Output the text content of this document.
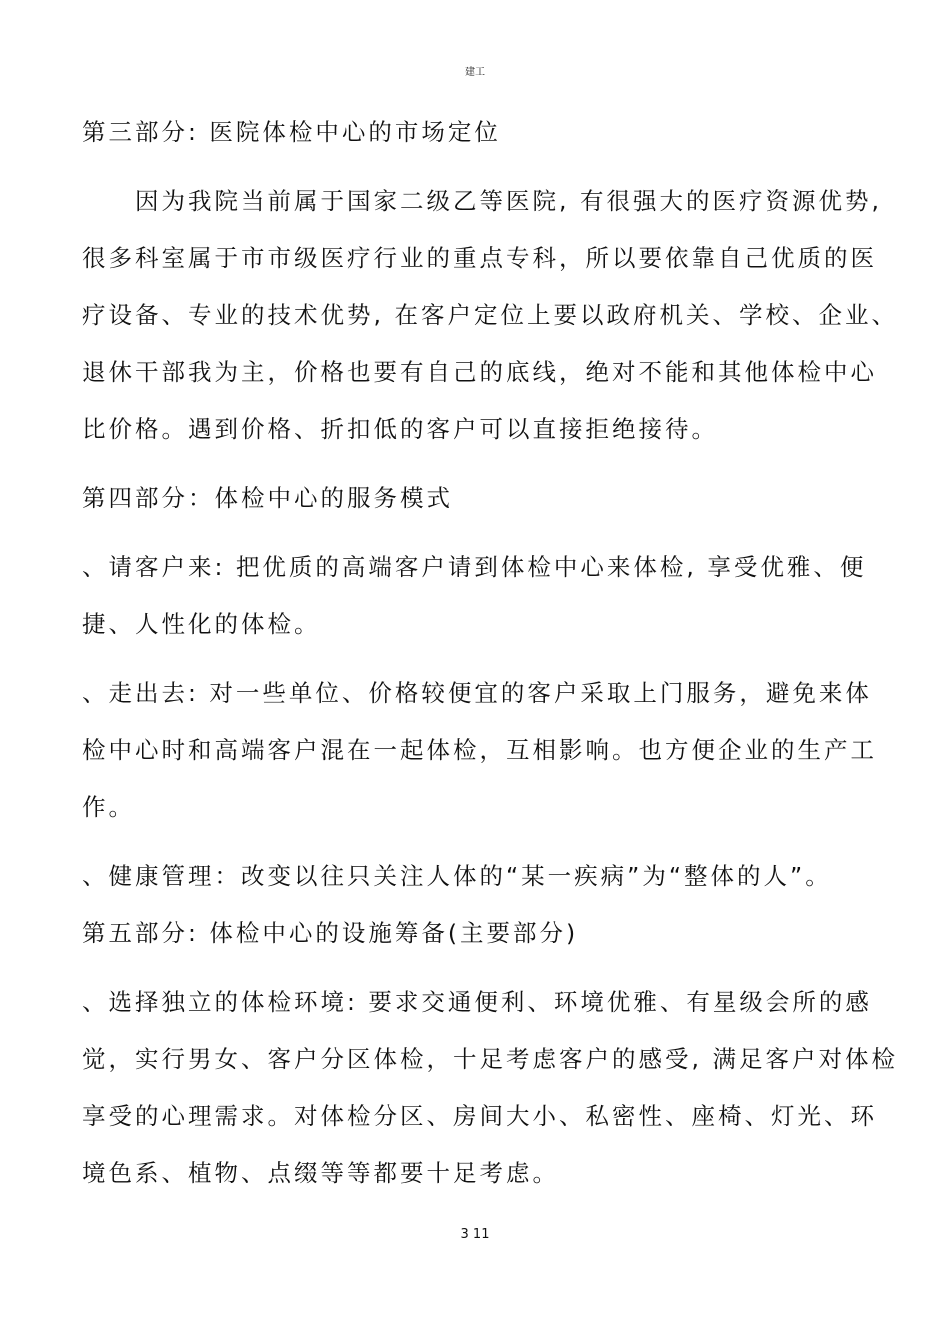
建工
第三部分: 医院体检中心的市场定位
　　因为我院当前属于国家二级乙等医院, 有很强大的医疗资源优势,
很多科室属于市市级医疗行业的重点专科，所以要依靠自己优质的医
疗设备、专业的技术优势, 在客户定位上要以政府机关、学校、企业、
退休干部我为主，价格也要有自己的底线，绝对不能和其他体检中心
比价格。遇到价格、折扣低的客户可以直接拒绝接待。
第四部分：体检中心的服务模式
、请客户来: 把优质的高端客户请到体检中心来体检, 享受优雅、便
捷、人性化的体检。
、走出去: 对一些单位、价格较便宜的客户采取上门服务，避免来体
检中心时和高端客户混在一起体检，互相影响。也方便企业的生产工
作。
、健康管理：改变以往只关注人体的“某一疾病”为“整体的人”。
第五部分: 体检中心的设施筹备(主要部分)
、选择独立的体检环境: 要求交通便利、环境优雅、有星级会所的感
觉，实行男女、客户分区体检，十足考虑客户的感受, 满足客户对体检
享受的心理需求。对体检分区、房间大小、私密性、座椅、灯光、环
境色系、植物、点缀等等都要十足考虑。
3 11
